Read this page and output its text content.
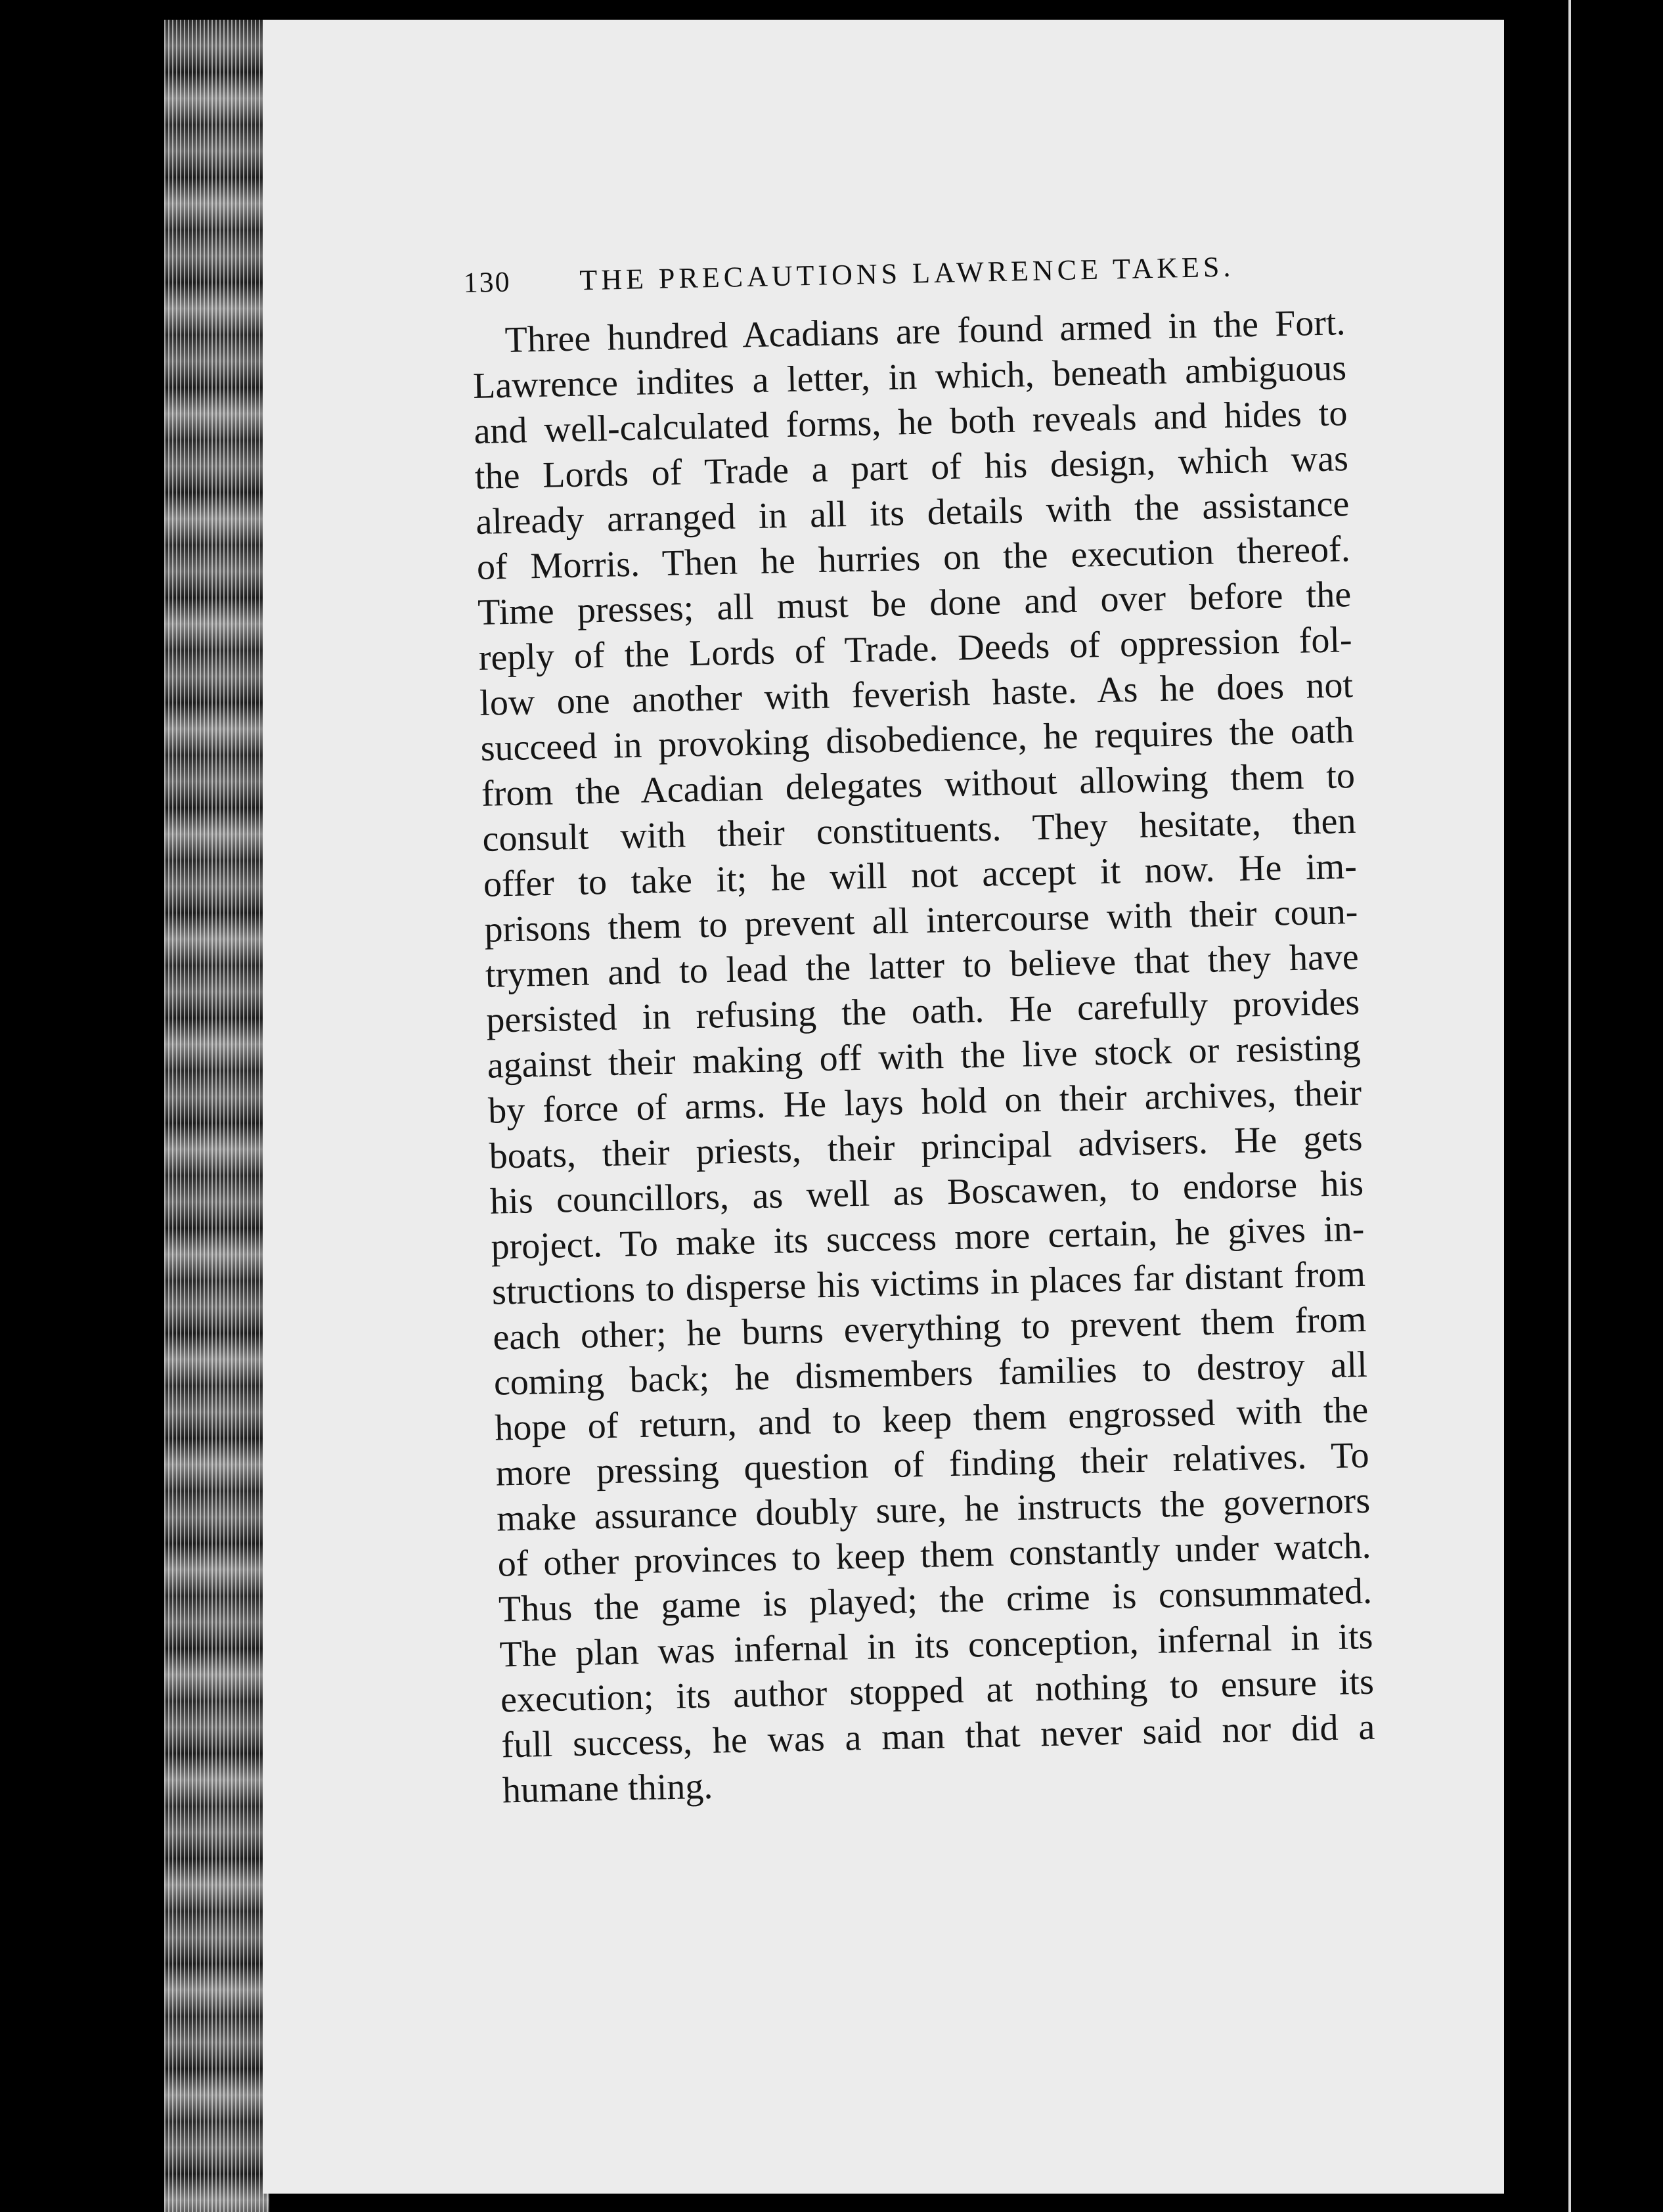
130 THE PRECAUTIONS LAWRENCE TAKES.
Three hundred Acadians are found armed in the Fort.
Lawrence indites a letter, in which, beneath ambiguous
and well-calculated forms, he both reveals and hides to
the Lords of Trade a part of his design, which was
already arranged in all its details with the assistance
of Morris. Then he hurries on the execution thereof.
Time presses; all must be done and over before the
reply of the Lords of Trade. Deeds of oppression fol-
low one another with feverish haste. As he does not
succeed in provoking disobedience, he requires the oath
from the Acadian delegates without allowing them to
consult with their constituents. They hesitate, then
offer to take it; he will not accept it now. He im-
prisons them to prevent all intercourse with their coun-
trymen and to lead the latter to believe that they have
persisted in refusing the oath. He carefully provides
against their making off with the live stock or resisting
by force of arms. He lays hold on their archives, their
boats, their priests, their principal advisers. He gets
his councillors, as well as Boscawen, to endorse his
project. To make its success more certain, he gives in-
structions to disperse his victims in places far distant from
each other; he burns everything to prevent them from
coming back; he dismembers families to destroy all
hope of return, and to keep them engrossed with the
more pressing question of finding their relatives. To
make assurance doubly sure, he instructs the governors
of other provinces to keep them constantly under watch.
Thus the game is played; the crime is consummated.
The plan was infernal in its conception, infernal in its
execution; its author stopped at nothing to ensure its
full success, he was a man that never said nor did a
humane thing.
